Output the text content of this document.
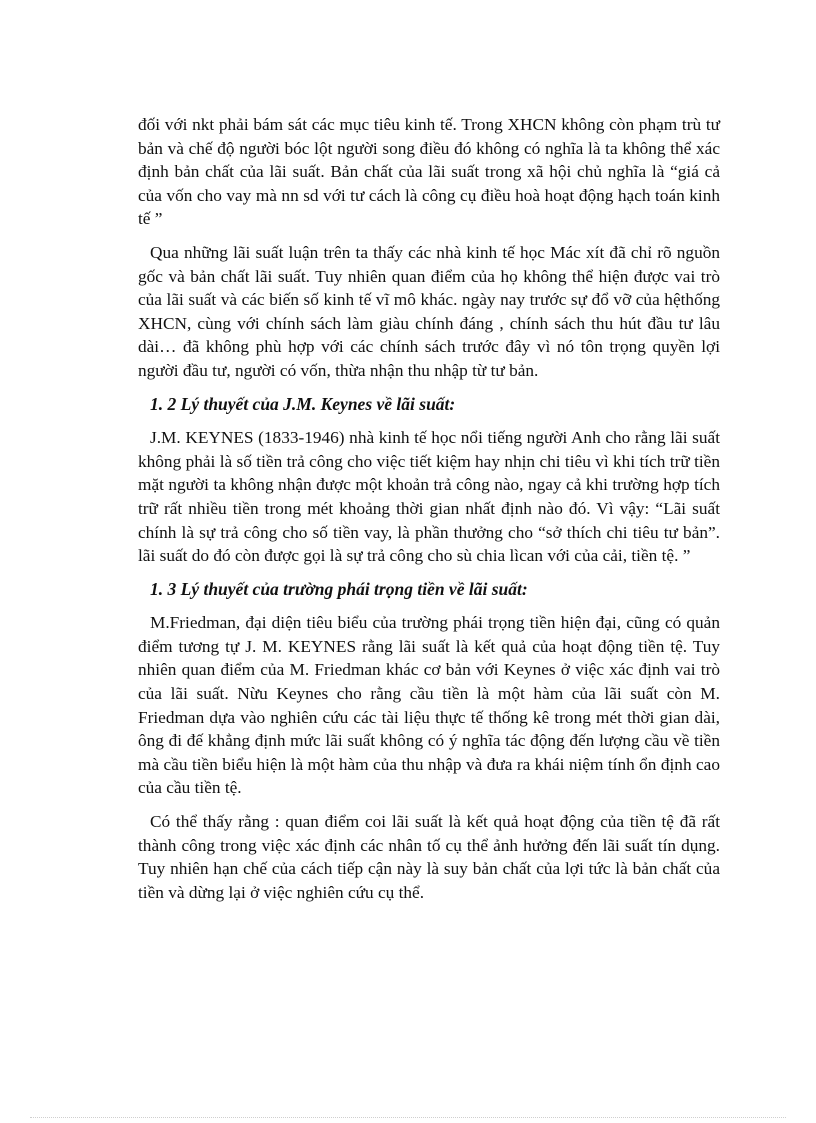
đối với nkt phải bám sát các mục tiêu kinh tế. Trong XHCN không còn phạm trù tư bản và chế độ người bóc lột người song điều đó không có nghĩa là ta không thể xác định bản chất của lãi suất. Bản chất của lãi suất trong xã hội chủ nghĩa là “giá cả của vốn cho vay mà nn sd với tư cách là công cụ điều hoà hoạt động hạch toán kinh tế ”

Qua những lãi suất luận trên ta thấy các nhà kinh tế học Mác xít đã chỉ rõ nguồn gốc và bản chất lãi suất. Tuy nhiên quan điểm của họ không thể hiện được vai trò của lãi suất và các biến số kinh tế vĩ mô khác. ngày nay trước sự đổ vỡ của hệthống XHCN, cùng với chính sách làm giàu chính đáng , chính sách thu hút đầu tư lâu dài… đã không phù hợp với các chính sách trước đây vì nó tôn trọng quyền lợi người đầu tư, người có vốn, thừa nhận thu nhập từ tư bản.

1. 2 Lý thuyết của J.M. Keynes về lãi suất:

J.M. KEYNES (1833-1946) nhà kinh tế học nổi tiếng người Anh cho rằng lãi suất không phải là số tiền trả công cho việc tiết kiệm hay nhịn chi tiêu vì khi tích trữ tiền mặt người ta không nhận được một khoản trả công nào, ngay cả khi trường hợp tích trữ rất nhiều tiền trong mét khoảng thời gian nhất định nào đó. Vì vậy: “Lãi suất chính là sự trả công cho số tiền vay, là phần thưởng cho “sở thích chi tiêu tư bản”. lãi suất do đó còn được gọi là sự trả công cho sù chia lìcan với của cải, tiền tệ. ”

1. 3 Lý thuyết của trường phái trọng tiền về lãi suất:

M.Friedman, đại diện tiêu biểu của trường phái trọng tiền hiện đại, cũng có quản điểm tương tự J. M. KEYNES rằng lãi suất là kết quả của hoạt động tiền tệ. Tuy nhiên quan điểm của M. Friedman khác cơ bản với Keynes ở việc xác định vai trò của lãi suất. Nừu Keynes cho rằng cầu tiền là một hàm của lãi suất còn M. Friedman dựa vào nghiên cứu các tài liệu thực tế thống kê trong mét thời gian dài, ông đi đế khẳng định mức lãi suất không có ý nghĩa tác động đến lượng cầu về tiền mà cầu tiền biểu hiện là một hàm của thu nhập và đưa ra khái niệm tính ổn định cao của cầu tiền tệ.

Có thể thấy rằng : quan điểm coi lãi suất là kết quả hoạt động của tiền tệ đã rất thành công trong việc xác định các nhân tố cụ thể ảnh hưởng đến lãi suất tín dụng. Tuy nhiên hạn chế của cách tiếp cận này là suy bản chất của lợi tức là bản chất của tiền và dừng lại ở việc nghiên cứu cụ thể.
